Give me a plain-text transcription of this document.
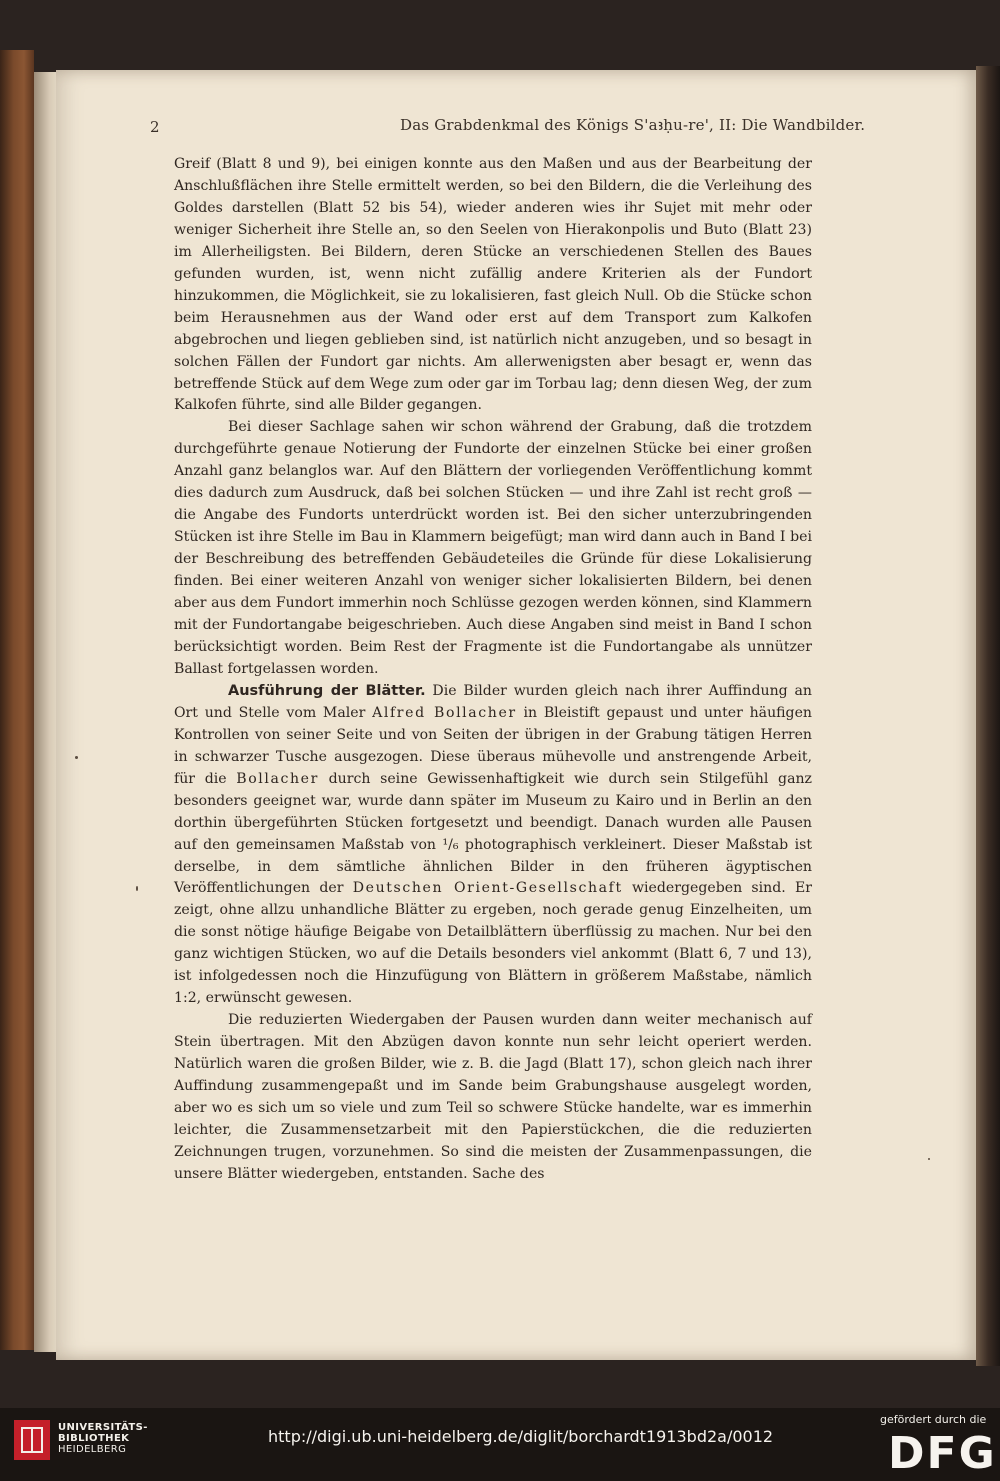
2	Das Grabdenkmal des Königs S'aꜣḥu-re', II: Die Wandbilder.

Greif (Blatt 8 und 9), bei einigen konnte aus den Maßen und aus der Bearbeitung der Anschlußflächen ihre Stelle ermittelt werden, so bei den Bildern, die die Verleihung des Goldes darstellen (Blatt 52 bis 54), wieder anderen wies ihr Sujet mit mehr oder weniger Sicherheit ihre Stelle an, so den Seelen von Hierakonpolis und Buto (Blatt 23) im Allerheiligsten. Bei Bildern, deren Stücke an verschiedenen Stellen des Baues gefunden wurden, ist, wenn nicht zufällig andere Kriterien als der Fundort hinzukommen, die Möglichkeit, sie zu lokalisieren, fast gleich Null. Ob die Stücke schon beim Herausnehmen aus der Wand oder erst auf dem Transport zum Kalkofen abgebrochen und liegen geblieben sind, ist natürlich nicht anzugeben, und so besagt in solchen Fällen der Fundort gar nichts. Am allerwenigsten aber besagt er, wenn das betreffende Stück auf dem Wege zum oder gar im Torbau lag; denn diesen Weg, der zum Kalkofen führte, sind alle Bilder gegangen.

Bei dieser Sachlage sahen wir schon während der Grabung, daß die trotzdem durchgeführte genaue Notierung der Fundorte der einzelnen Stücke bei einer großen Anzahl ganz belanglos war. Auf den Blättern der vorliegenden Veröffentlichung kommt dies dadurch zum Ausdruck, daß bei solchen Stücken — und ihre Zahl ist recht groß — die Angabe des Fundorts unterdrückt worden ist. Bei den sicher unterzubringenden Stücken ist ihre Stelle im Bau in Klammern beigefügt; man wird dann auch in Band I bei der Beschreibung des betreffenden Gebäudeteiles die Gründe für diese Lokalisierung finden. Bei einer weiteren Anzahl von weniger sicher lokalisierten Bildern, bei denen aber aus dem Fundort immerhin noch Schlüsse gezogen werden können, sind Klammern mit der Fundortangabe beigeschrieben. Auch diese Angaben sind meist in Band I schon berücksichtigt worden. Beim Rest der Fragmente ist die Fundortangabe als unnützer Ballast fortgelassen worden.

Ausführung der Blätter. Die Bilder wurden gleich nach ihrer Auffindung an Ort und Stelle vom Maler Alfred Bollacher in Bleistift gepaust und unter häufigen Kontrollen von seiner Seite und von Seiten der übrigen in der Grabung tätigen Herren in schwarzer Tusche ausgezogen. Diese überaus mühevolle und anstrengende Arbeit, für die Bollacher durch seine Gewissenhaftigkeit wie durch sein Stilgefühl ganz besonders geeignet war, wurde dann später im Museum zu Kairo und in Berlin an den dorthin übergeführten Stücken fortgesetzt und beendigt. Danach wurden alle Pausen auf den gemeinsamen Maßstab von ¹/₆ photographisch verkleinert. Dieser Maßstab ist derselbe, in dem sämtliche ähnlichen Bilder in den früheren ägyptischen Veröffentlichungen der Deutschen Orient-Gesellschaft wiedergegeben sind. Er zeigt, ohne allzu unhandliche Blätter zu ergeben, noch gerade genug Einzelheiten, um die sonst nötige häufige Beigabe von Detailblättern überflüssig zu machen. Nur bei den ganz wichtigen Stücken, wo auf die Details besonders viel ankommt (Blatt 6, 7 und 13), ist infolgedessen noch die Hinzufügung von Blättern in größerem Maßstabe, nämlich 1:2, erwünscht gewesen.

Die reduzierten Wiedergaben der Pausen wurden dann weiter mechanisch auf Stein übertragen. Mit den Abzügen davon konnte nun sehr leicht operiert werden. Natürlich waren die großen Bilder, wie z. B. die Jagd (Blatt 17), schon gleich nach ihrer Auffindung zusammengepaßt und im Sande beim Grabungshause ausgelegt worden, aber wo es sich um so viele und zum Teil so schwere Stücke handelte, war es immerhin leichter, die Zusammensetzarbeit mit den Papierstückchen, die die reduzierten Zeichnungen trugen, vorzunehmen. So sind die meisten der Zusammenpassungen, die unsere Blätter wiedergeben, entstanden. Sache des

UNIVERSITÄTS-
BIBLIOTHEK
HEIDELBERG
http://digi.ub.uni-heidelberg.de/diglit/borchardt1913bd2a/0012
gefördert durch die
DFG
